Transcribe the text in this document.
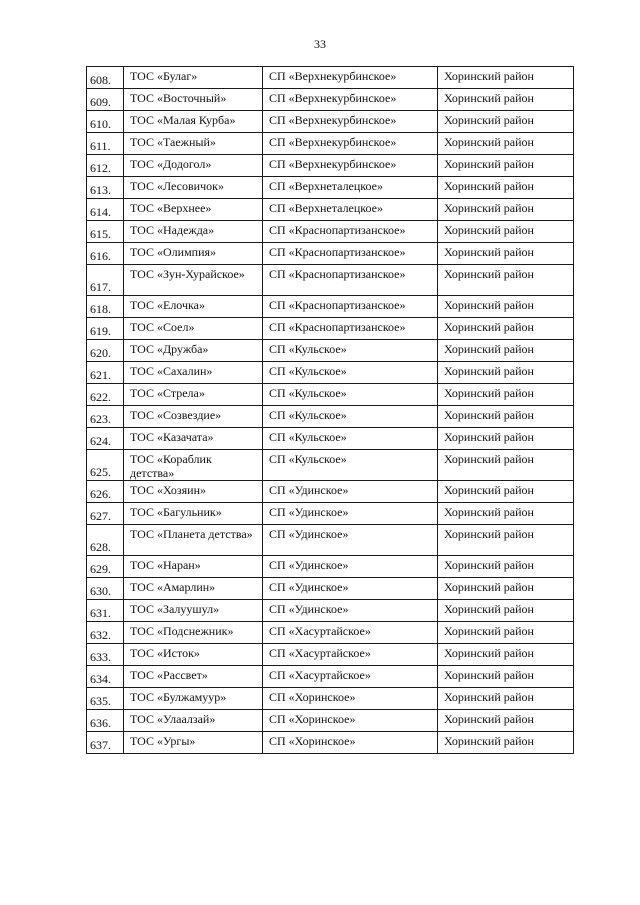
33
608.	ТОС «Булаг»	СП «Верхнекурбинское»	Хоринский район
609.	ТОС «Восточный»	СП «Верхнекурбинское»	Хоринский район
610.	ТОС «Малая Курба»	СП «Верхнекурбинское»	Хоринский район
611.	ТОС «Таежный»	СП «Верхнекурбинское»	Хоринский район
612.	ТОС «Додогол»	СП «Верхнекурбинское»	Хоринский район
613.	ТОС «Лесовичок»	СП «Верхнеталецкое»	Хоринский район
614.	ТОС «Верхнее»	СП «Верхнеталецкое»	Хоринский район
615.	ТОС «Надежда»	СП «Краснопартизанское»	Хоринский район
616.	ТОС «Олимпия»	СП «Краснопартизанское»	Хоринский район
617.	ТОС «Зун-Хурайское»	СП «Краснопартизанское»	Хоринский район
618.	ТОС «Елочка»	СП «Краснопартизанское»	Хоринский район
619.	ТОС «Соел»	СП «Краснопартизанское»	Хоринский район
620.	ТОС «Дружба»	СП «Кульское»	Хоринский район
621.	ТОС «Сахалин»	СП «Кульское»	Хоринский район
622.	ТОС «Стрела»	СП «Кульское»	Хоринский район
623.	ТОС «Созвездие»	СП «Кульское»	Хоринский район
624.	ТОС «Казачата»	СП «Кульское»	Хоринский район
625.	ТОС «Кораблик детства»	СП «Кульское»	Хоринский район
626.	ТОС «Хозяин»	СП «Удинское»	Хоринский район
627.	ТОС «Багульник»	СП «Удинское»	Хоринский район
628.	ТОС «Планета детства»	СП «Удинское»	Хоринский район
629.	ТОС «Наран»	СП «Удинское»	Хоринский район
630.	ТОС «Амарлин»	СП «Удинское»	Хоринский район
631.	ТОС «Залуушул»	СП «Удинское»	Хоринский район
632.	ТОС «Подснежник»	СП «Хасуртайское»	Хоринский район
633.	ТОС «Исток»	СП «Хасуртайское»	Хоринский район
634.	ТОС «Рассвет»	СП «Хасуртайское»	Хоринский район
635.	ТОС «Булжамуур»	СП «Хоринское»	Хоринский район
636.	ТОС «Улаалзай»	СП «Хоринское»	Хоринский район
637.	ТОС «Ургы»	СП «Хоринское»	Хоринский район
